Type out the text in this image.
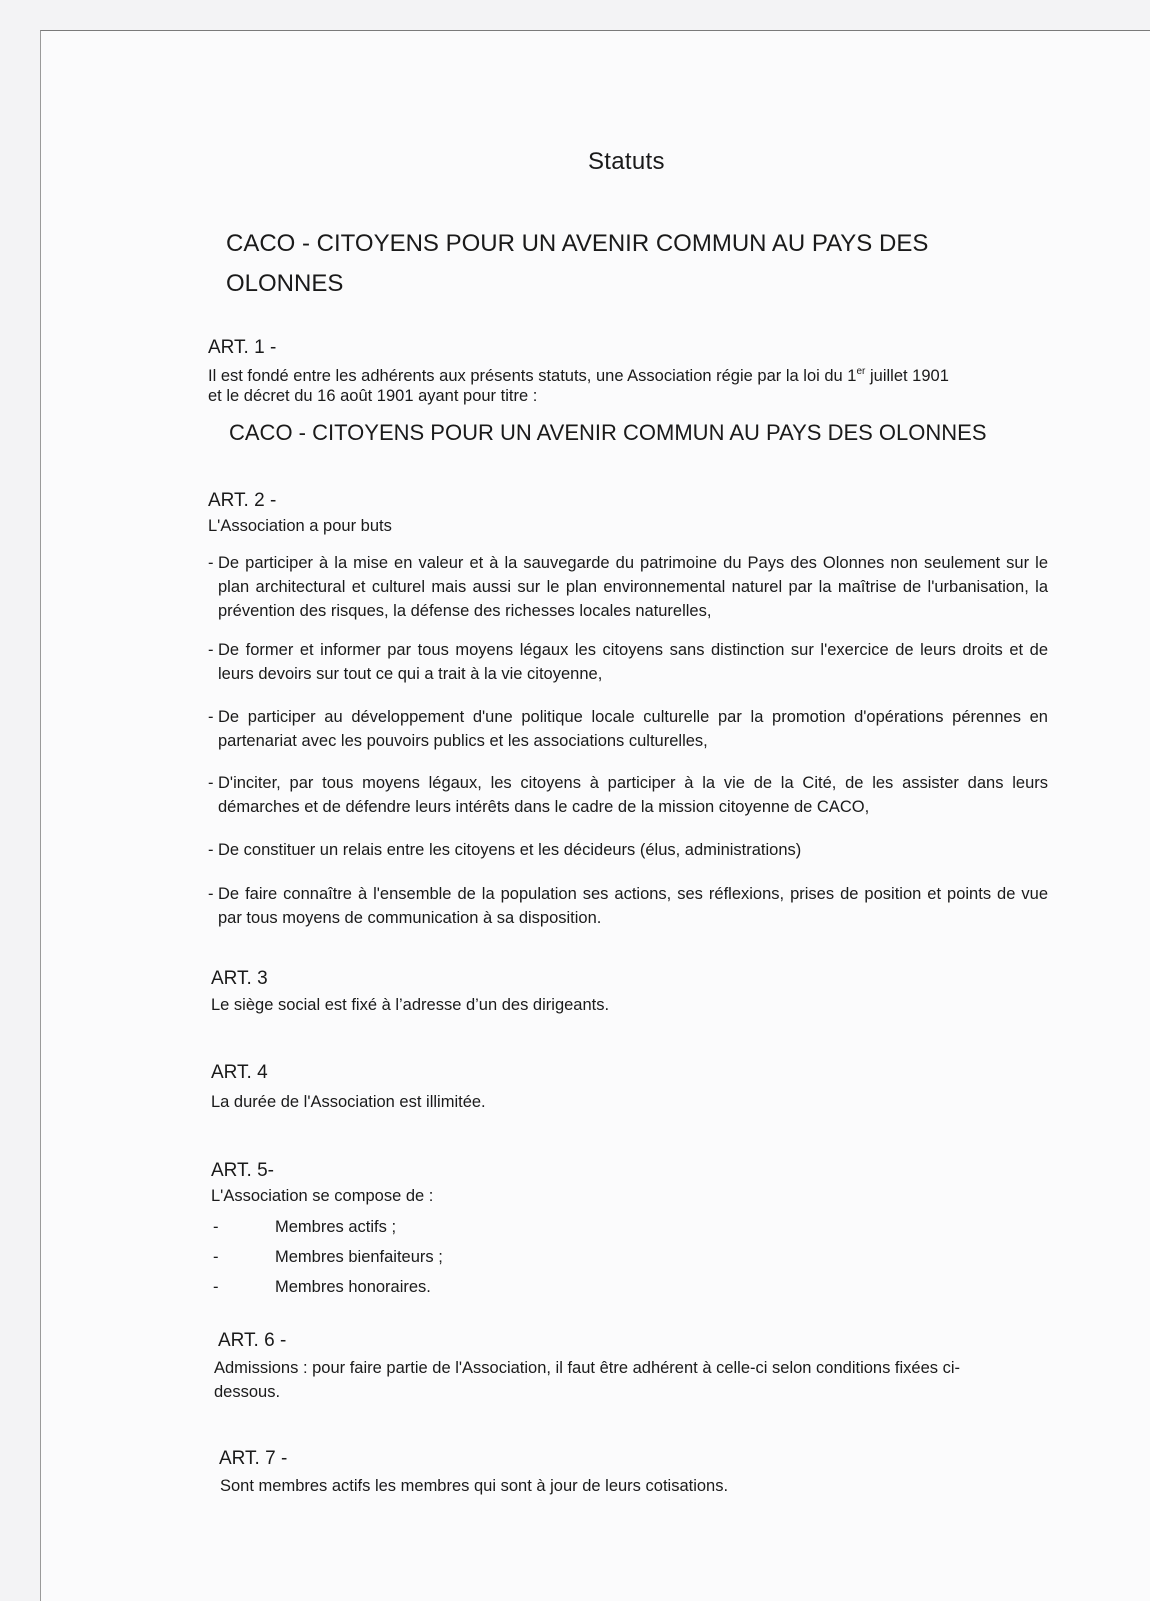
Statuts
CACO - CITOYENS POUR UN AVENIR COMMUN AU PAYS DES
OLONNES
ART. 1 -
Il est fondé entre les adhérents aux présents statuts, une Association régie par la loi du 1er juillet 1901
et le décret du 16 août 1901 ayant pour titre :
CACO - CITOYENS POUR UN AVENIR COMMUN AU PAYS DES OLONNES
ART. 2 -
L'Association a pour buts
- De participer à la mise en valeur et à la sauvegarde du patrimoine du Pays des Olonnes non seulement sur le plan architectural et culturel mais aussi sur le plan environnemental naturel par la maîtrise de l'urbanisation, la prévention des risques, la défense des richesses locales naturelles,
- De former et informer par tous moyens légaux les citoyens sans distinction sur l'exercice de leurs droits et de leurs devoirs sur tout ce qui a trait à la vie citoyenne,
- De participer au développement d'une politique locale culturelle par la promotion d'opérations pérennes en partenariat avec les pouvoirs publics et les associations culturelles,
- D'inciter, par tous moyens légaux, les citoyens à participer à la vie de la Cité, de les assister dans leurs démarches et de défendre leurs intérêts dans le cadre de la mission citoyenne de CACO,
- De constituer un relais entre les citoyens et les décideurs (élus, administrations)
- De faire connaître à l'ensemble de la population ses actions, ses réflexions, prises de position et points de vue par tous moyens de communication à sa disposition.
ART. 3
Le siège social est fixé à l’adresse d’un des dirigeants.
ART. 4
La durée de l'Association est illimitée.
ART. 5-
L'Association se compose de :
-	Membres actifs ;
-	Membres bienfaiteurs ;
-	Membres honoraires.
ART. 6 -
Admissions : pour faire partie de l'Association, il faut être adhérent à celle-ci selon conditions fixées ci-
dessous.
ART. 7 -
Sont membres actifs les membres qui sont à jour de leurs cotisations.
